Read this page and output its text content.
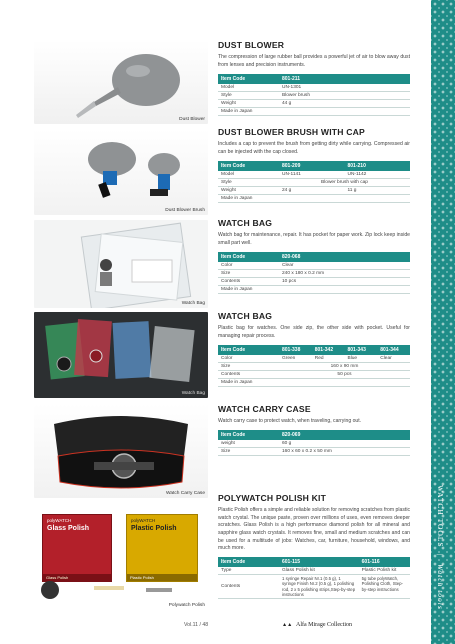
WATCH TOOLS | Watch tools
Dust Blower
Dust Blower Brush
Watch Bag
Watch Bag
Watch Carry Case
polyWATCH
Glass Polish
Glass Polish
polyWATCH
Plastic Polish
Plastic Polish
Polywatch Polish
DUST BLOWER

The compression of large rubber ball provides a powerful jet of air to blow away dust from lenses and precision instruments.

Item Code	801-211
Model	UN-1301
Style	Blower brush
Weight	44 g
Made in Japan	
DUST BLOWER BRUSH WITH CAP

Includes a cap to prevent the brush from getting dirty while carrying. Compressed air can be injected with the cap closed.

Item Code	801-209	801-210
Model	UN-1141	UN-1142
Style	Blower brush with cap	
Weight	24 g	11 g
Made in Japan		
WATCH BAG

Watch bag for maintenance, repair. It has pocket for paper work. Zip lock keep inside small part well.

Item Code	820-068
Color	Clear
Size	240 x 180 x 0.2 mm
Contents	10 pcs
Made in Japan	
WATCH BAG

Plastic bag for watches. One side zip, the other side with pocket. Useful for managing repair process.

Item Code	801-338	801-342	801-343	801-344
Color	Green	Red	Blue	Clear
Size	160 x 90 mm			
Contents	50 pcs			
Made in Japan				
WATCH CARRY CASE

Watch carry case to protect watch, when traveling, carrying out.

Item Code	820-069
weight	60 g
Size	160 x 60 x 0.2 x 50 mm
POLYWATCH POLISH KIT

Plastic Polish offers a simple and reliable solution for removing scratches from plastic watch crystal. The unique paste, proven over millions of uses, even removes deeper scratches. Glass Polish is a high performance diamond polish for all mineral and sapphire glass watch crystals. It removes fine, small and medium scratches and can be used for a multitude of jobs: Watches, car, furniture, household, windows, and much more.

Item Code	601-115	601-116
Type	Glass Polish kit	Plastic Polish kit
Contents	1 syringe Repair Nr.1 (0.5 g), 1 syringe Finish Nr.2 (0.5 g), 1 polishing rod, 2 x 5 polishing strips,Step-by-step instructions	5g tube polyWatch, Polishing Cloth, Step-by-step instructions
Vol.11 / 48	▲▲ Alfa Mirage Collection
